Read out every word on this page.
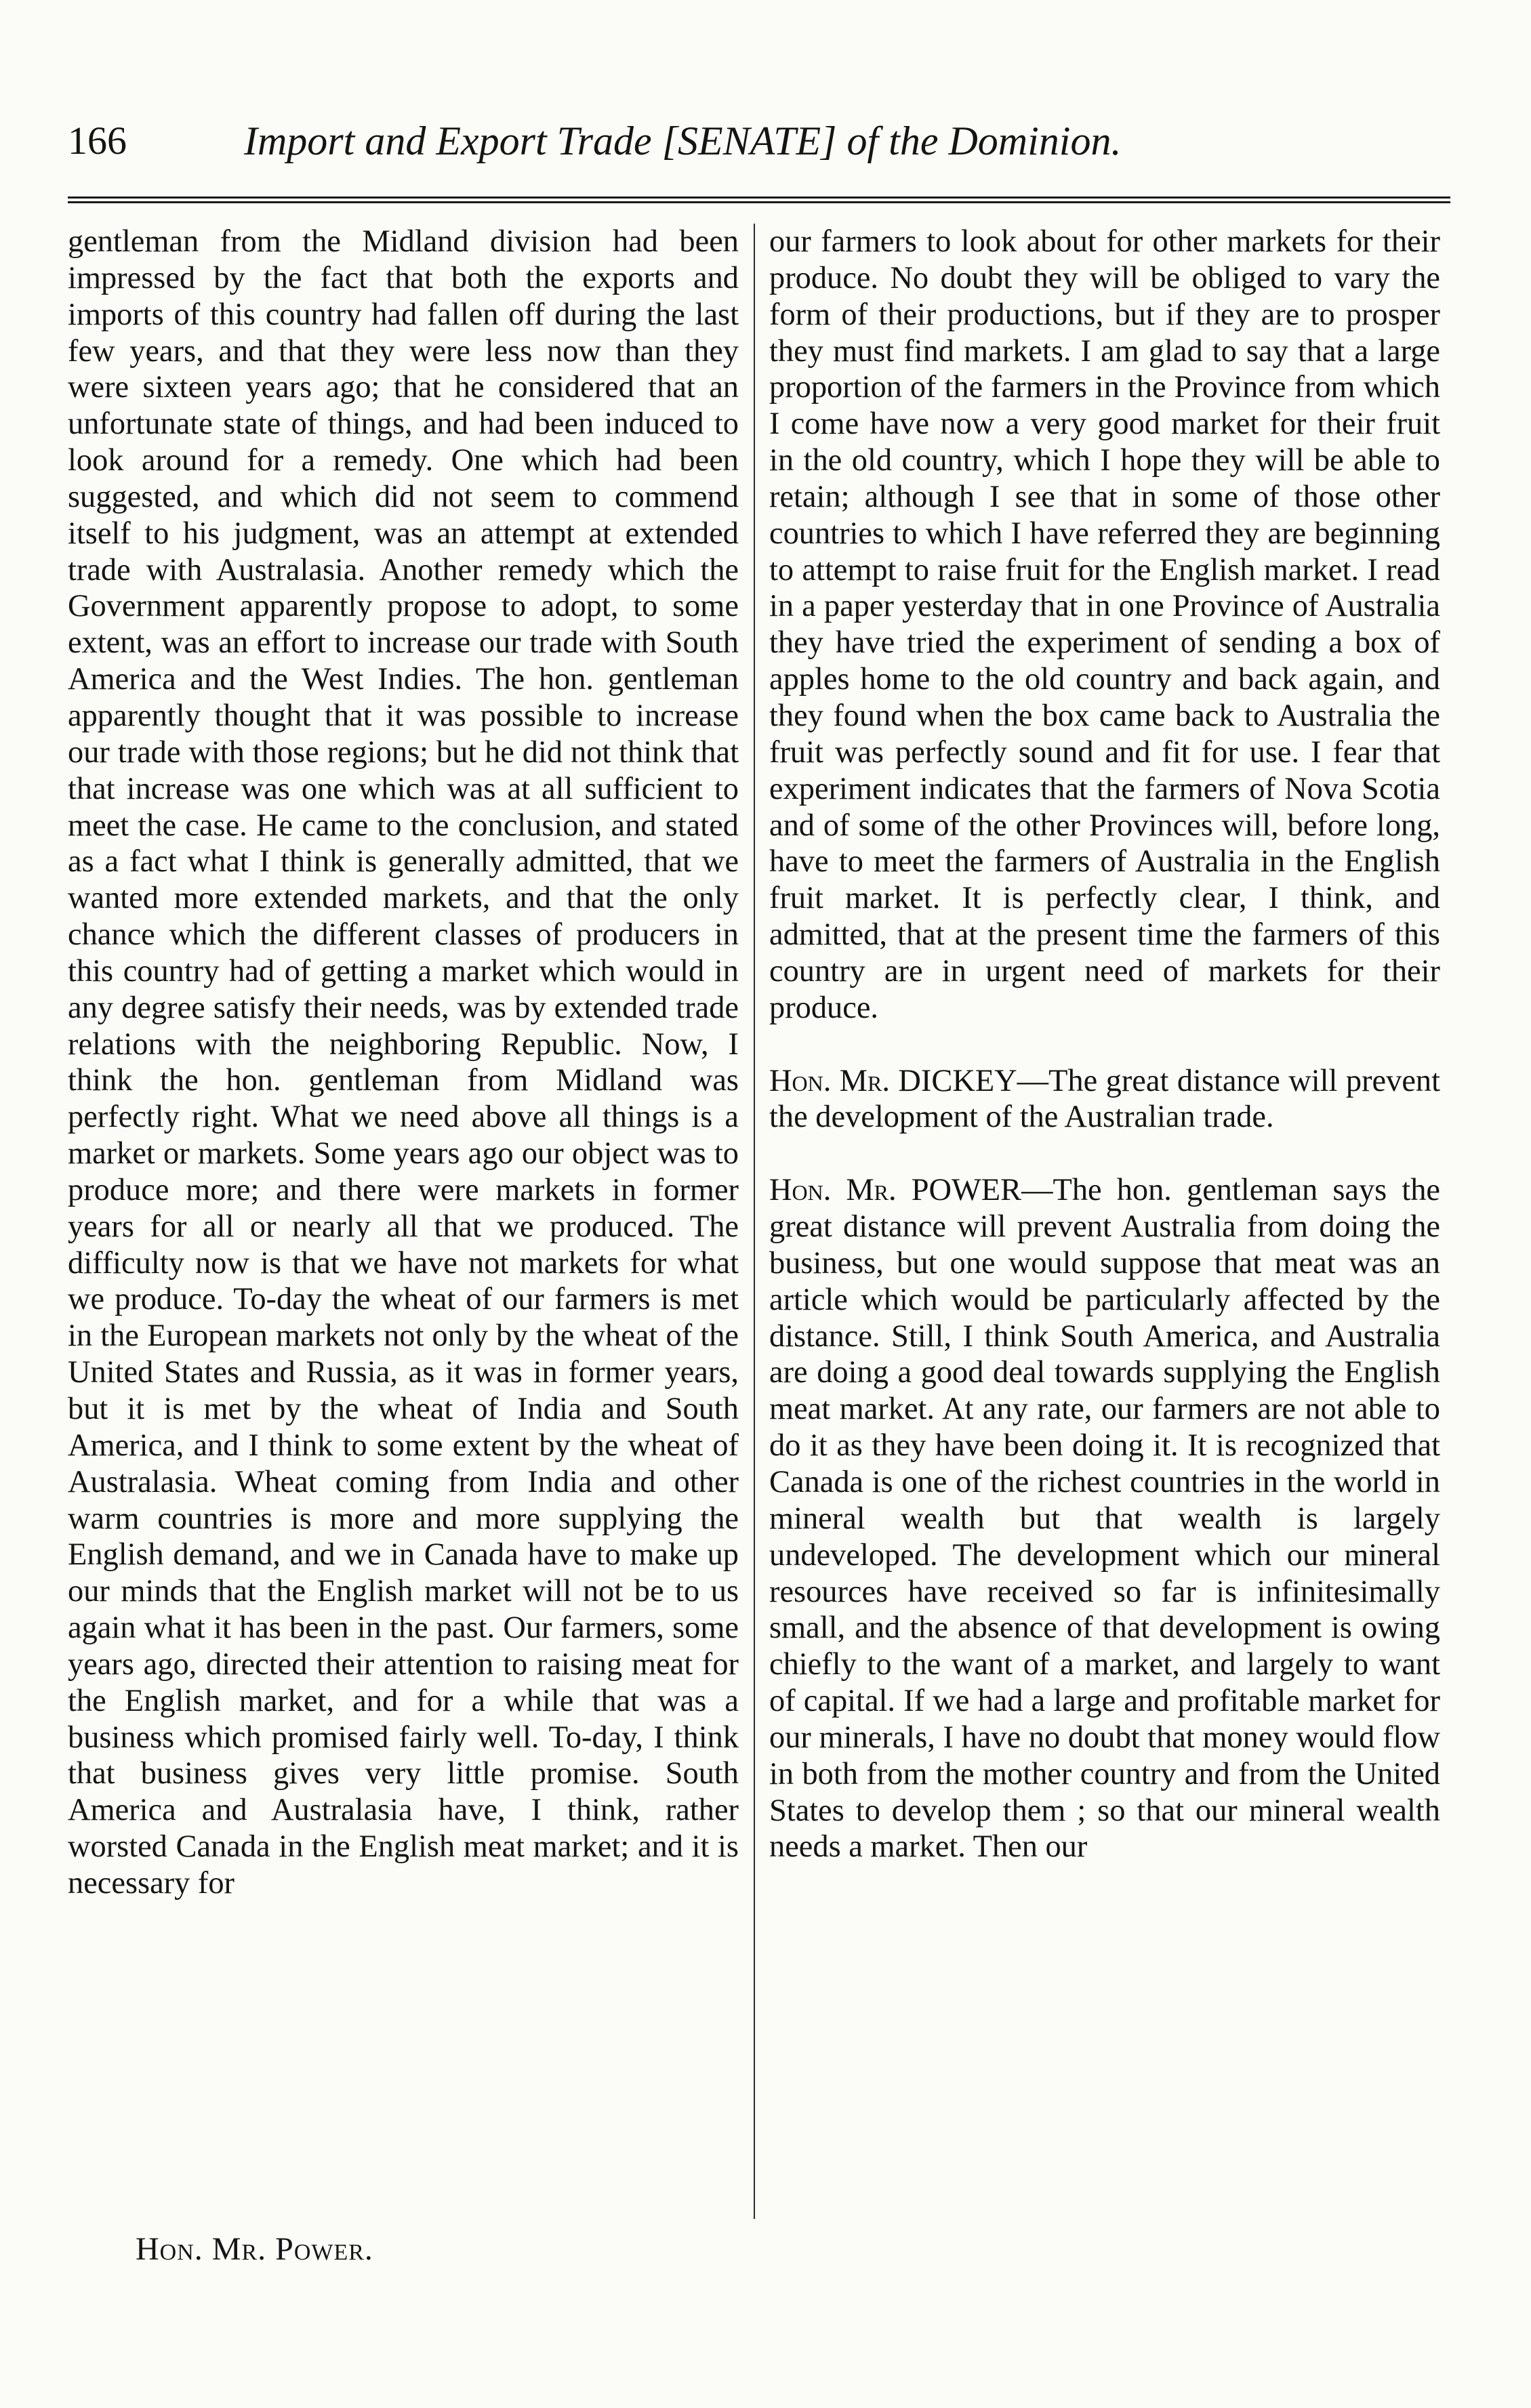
166	Import and Export Trade [SENATE] of the Dominion.

gentleman from the Midland division had been impressed by the fact that both the exports and imports of this country had fallen off during the last few years, and that they were less now than they were sixteen years ago; that he considered that an unfortunate state of things, and had been induced to look around for a remedy. One which had been suggested, and which did not seem to commend itself to his judgment, was an attempt at extended trade with Australasia. Another remedy which the Government apparently propose to adopt, to some extent, was an effort to increase our trade with South America and the West Indies. The hon. gentleman apparently thought that it was possible to increase our trade with those regions; but he did not think that that increase was one which was at all sufficient to meet the case. He came to the conclusion, and stated as a fact what I think is generally admitted, that we wanted more extended markets, and that the only chance which the different classes of producers in this country had of getting a market which would in any degree satisfy their needs, was by extended trade relations with the neighboring Republic. Now, I think the hon. gentleman from Midland was perfectly right. What we need above all things is a market or markets. Some years ago our object was to produce more; and there were markets in former years for all or nearly all that we produced. The difficulty now is that we have not markets for what we produce. To-day the wheat of our farmers is met in the European markets not only by the wheat of the United States and Russia, as it was in former years, but it is met by the wheat of India and South America, and I think to some extent by the wheat of Australasia. Wheat coming from India and other warm countries is more and more supplying the English demand, and we in Canada have to make up our minds that the English market will not be to us again what it has been in the past. Our farmers, some years ago, directed their attention to raising meat for the English market, and for a while that was a business which promised fairly well. To-day, I think that business gives very little promise. South America and Australasia have, I think, rather worsted Canada in the English meat market; and it is necessary for

our farmers to look about for other markets for their produce. No doubt they will be obliged to vary the form of their productions, but if they are to prosper they must find markets. I am glad to say that a large proportion of the farmers in the Province from which I come have now a very good market for their fruit in the old country, which I hope they will be able to retain; although I see that in some of those other countries to which I have referred they are beginning to attempt to raise fruit for the English market. I read in a paper yesterday that in one Province of Australia they have tried the experiment of sending a box of apples home to the old country and back again, and they found when the box came back to Australia the fruit was perfectly sound and fit for use. I fear that experiment indicates that the farmers of Nova Scotia and of some of the other Provinces will, before long, have to meet the farmers of Australia in the English fruit market. It is perfectly clear, I think, and admitted, that at the present time the farmers of this country are in urgent need of markets for their produce.

Hon. Mr. DICKEY—The great distance will prevent the development of the Australian trade.

Hon. Mr. POWER—The hon. gentleman says the great distance will prevent Australia from doing the business, but one would suppose that meat was an article which would be particularly affected by the distance. Still, I think South America, and Australia are doing a good deal towards supplying the English meat market. At any rate, our farmers are not able to do it as they have been doing it. It is recognized that Canada is one of the richest countries in the world in mineral wealth but that wealth is largely undeveloped. The development which our mineral resources have received so far is infinitesimally small, and the absence of that development is owing chiefly to the want of a market, and largely to want of capital. If we had a large and profitable market for our minerals, I have no doubt that money would flow in both from the mother country and from the United States to develop them ; so that our mineral wealth needs a market. Then our

Hon. Mr. Power.
